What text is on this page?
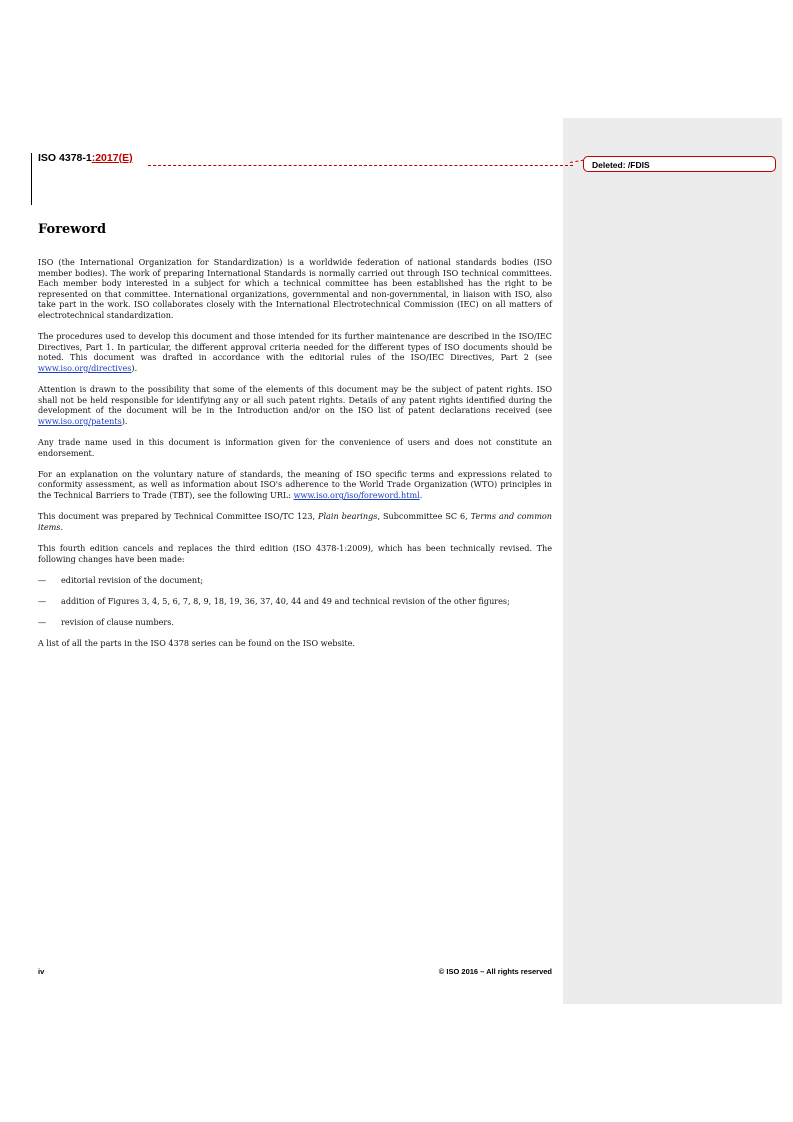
ISO 4378-1:2017(E)
Deleted: /FDIS
Foreword

ISO (the International Organization for Standardization) is a worldwide federation of national standards bodies (ISO member bodies). The work of preparing International Standards is normally carried out through ISO technical committees. Each member body interested in a subject for which a technical committee has been established has the right to be represented on that committee. International organizations, governmental and non-governmental, in liaison with ISO, also take part in the work. ISO collaborates closely with the International Electrotechnical Commission (IEC) on all matters of electrotechnical standardization.

The procedures used to develop this document and those intended for its further maintenance are described in the ISO/IEC Directives, Part 1. In particular, the different approval criteria needed for the different types of ISO documents should be noted. This document was drafted in accordance with the editorial rules of the ISO/IEC Directives, Part 2 (see www.iso.org/directives).

Attention is drawn to the possibility that some of the elements of this document may be the subject of patent rights. ISO shall not be held responsible for identifying any or all such patent rights. Details of any patent rights identified during the development of the document will be in the Introduction and/or on the ISO list of patent declarations received (see www.iso.org/patents).

Any trade name used in this document is information given for the convenience of users and does not constitute an endorsement.

For an explanation on the voluntary nature of standards, the meaning of ISO specific terms and expressions related to conformity assessment, as well as information about ISO's adherence to the World Trade Organization (WTO) principles in the Technical Barriers to Trade (TBT), see the following URL: www.iso.org/iso/foreword.html.

This document was prepared by Technical Committee ISO/TC 123, Plain bearings, Subcommittee SC 6, Terms and common items.

This fourth edition cancels and replaces the third edition (ISO 4378-1:2009), which has been technically revised. The following changes have been made:

—	editorial revision of the document;
—	addition of Figures 3, 4, 5, 6, 7, 8, 9, 18, 19, 36, 37, 40, 44 and 49 and technical revision of the other figures;
—	revision of clause numbers.

A list of all the parts in the ISO 4378 series can be found on the ISO website.

iv	© ISO 2016 – All rights reserved
